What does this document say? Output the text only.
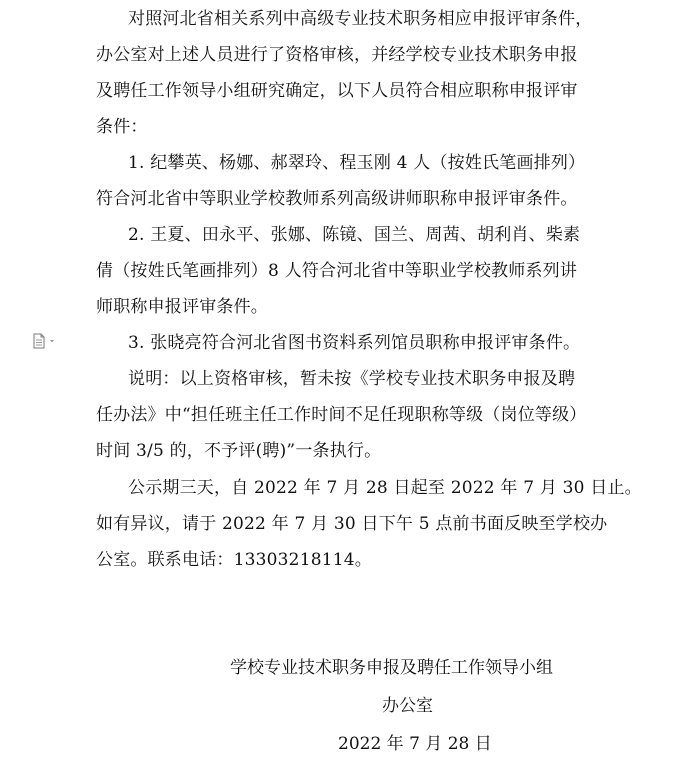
对照河北省相关系列中高级专业技术职务相应申报评审条件，
办公室对上述人员进行了资格审核，并经学校专业技术职务申报
及聘任工作领导小组研究确定，以下人员符合相应职称申报评审
条件：
1. 纪攀英、杨娜、郝翠玲、程玉刚 4 人（按姓氏笔画排列）
符合河北省中等职业学校教师系列高级讲师职称申报评审条件。
2. 王夏、田永平、张娜、陈镜、国兰、周茜、胡利肖、柴素
倩（按姓氏笔画排列）8 人符合河北省中等职业学校教师系列讲
师职称申报评审条件。
3. 张晓亮符合河北省图书资料系列馆员职称申报评审条件。
说明：以上资格审核，暂未按《学校专业技术职务申报及聘
任办法》中“担任班主任工作时间不足任现职称等级（岗位等级）
时间 3/5 的，不予评(聘)”一条执行。
公示期三天，自 2022 年 7 月 28 日起至 2022 年 7 月 30 日止。
如有异议，请于 2022 年 7 月 30 日下午 5 点前书面反映至学校办
公室。联系电话：13303218114。
学校专业技术职务申报及聘任工作领导小组
办公室
2022 年 7 月 28 日
